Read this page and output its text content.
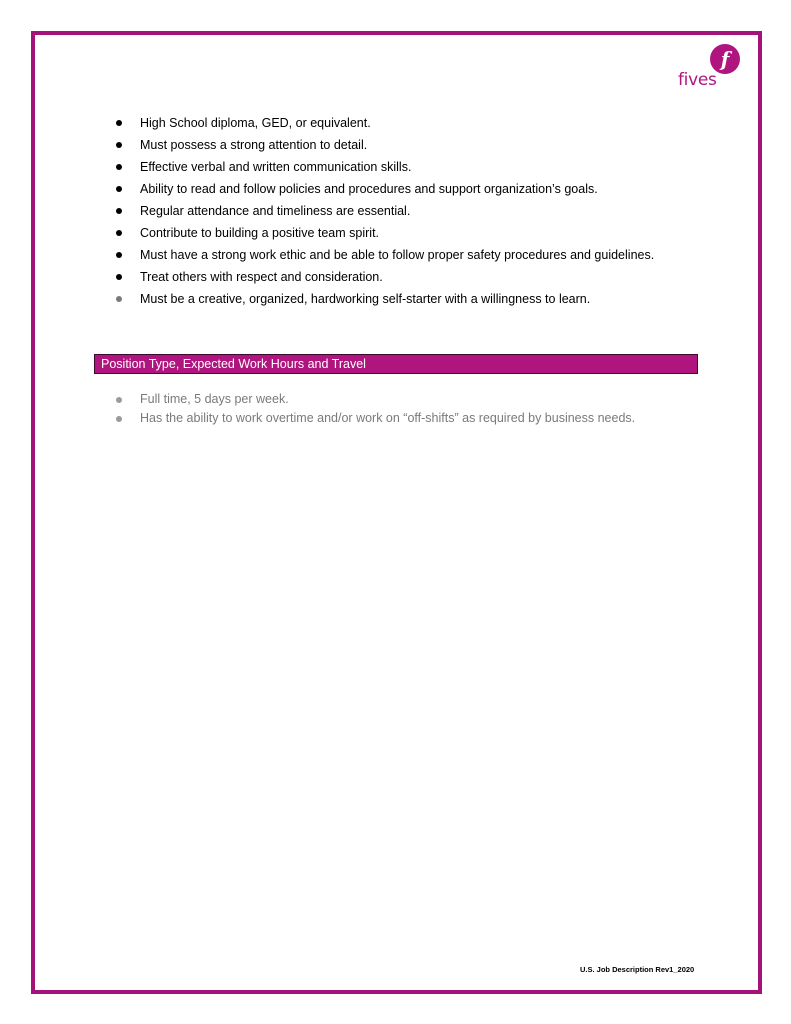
f
fives
High School diploma, GED, or equivalent.
Must possess a strong attention to detail.
Effective verbal and written communication skills.
Ability to read and follow policies and procedures and support organization’s goals.
Regular attendance and timeliness are essential.
Contribute to building a positive team spirit.
Must have a strong work ethic and be able to follow proper safety procedures and guidelines.
Treat others with respect and consideration.
Must be a creative, organized, hardworking self-starter with a willingness to learn.
Position Type, Expected Work Hours and Travel
Full time, 5 days per week.
Has the ability to work overtime and/or work on “off-shifts” as required by business needs.
U.S. Job Description Rev1_2020
